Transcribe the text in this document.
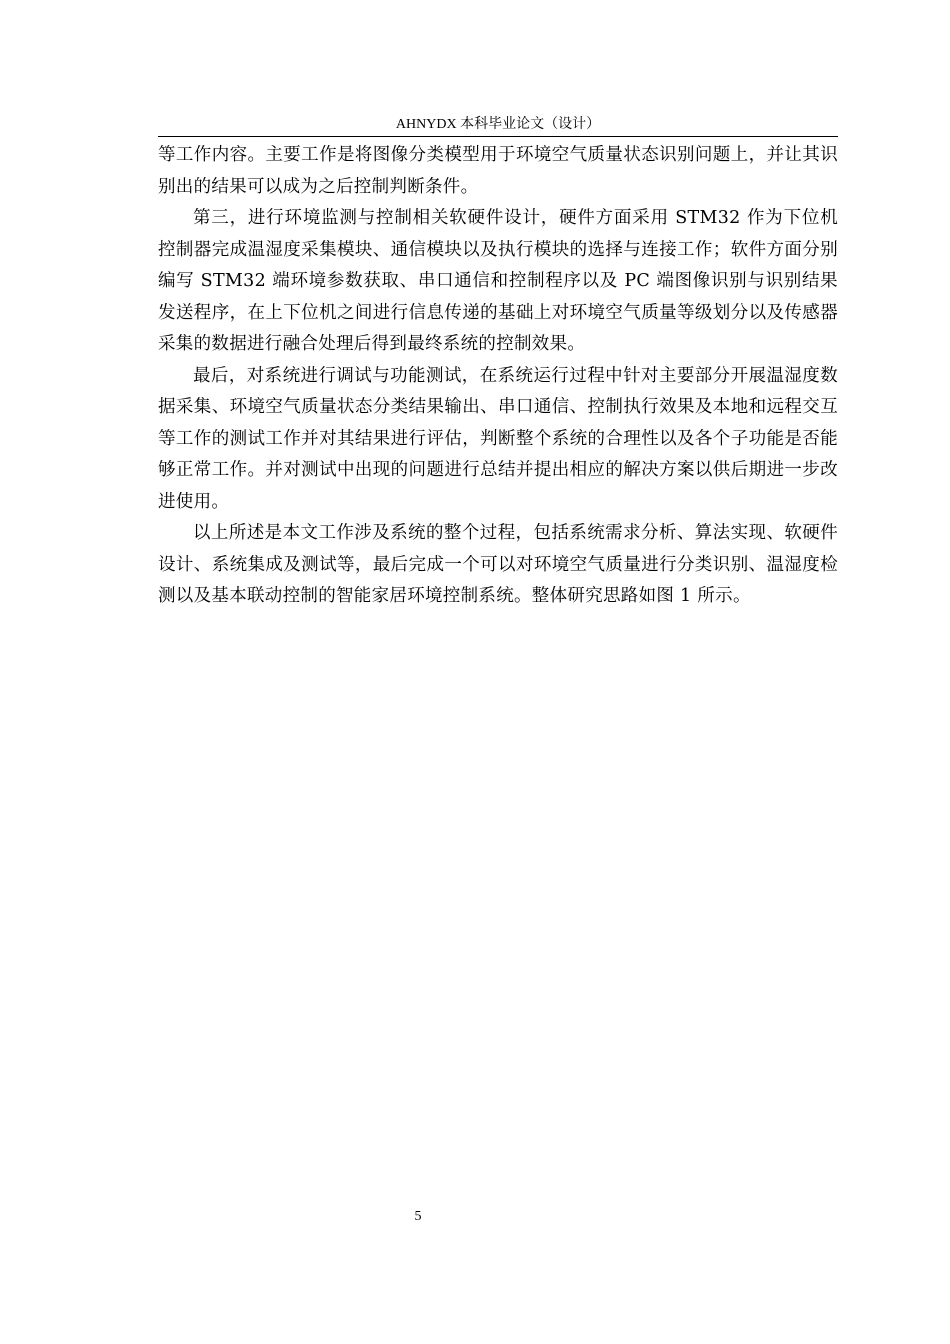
AHNYDX 本科毕业论文（设计）

等工作内容。主要工作是将图像分类模型用于环境空气质量状态识别问题上，并让其识别出的结果可以成为之后控制判断条件。

第三，进行环境监测与控制相关软硬件设计，硬件方面采用 STM32 作为下位机控制器完成温湿度采集模块、通信模块以及执行模块的选择与连接工作；软件方面分别编写 STM32 端环境参数获取、串口通信和控制程序以及 PC 端图像识别与识别结果发送程序，在上下位机之间进行信息传递的基础上对环境空气质量等级划分以及传感器采集的数据进行融合处理后得到最终系统的控制效果。

最后，对系统进行调试与功能测试，在系统运行过程中针对主要部分开展温湿度数据采集、环境空气质量状态分类结果输出、串口通信、控制执行效果及本地和远程交互等工作的测试工作并对其结果进行评估，判断整个系统的合理性以及各个子功能是否能够正常工作。并对测试中出现的问题进行总结并提出相应的解决方案以供后期进一步改进使用。

以上所述是本文工作涉及系统的整个过程，包括系统需求分析、算法实现、软硬件设计、系统集成及测试等，最后完成一个可以对环境空气质量进行分类识别、温湿度检测以及基本联动控制的智能家居环境控制系统。整体研究思路如图 1 所示。

5
